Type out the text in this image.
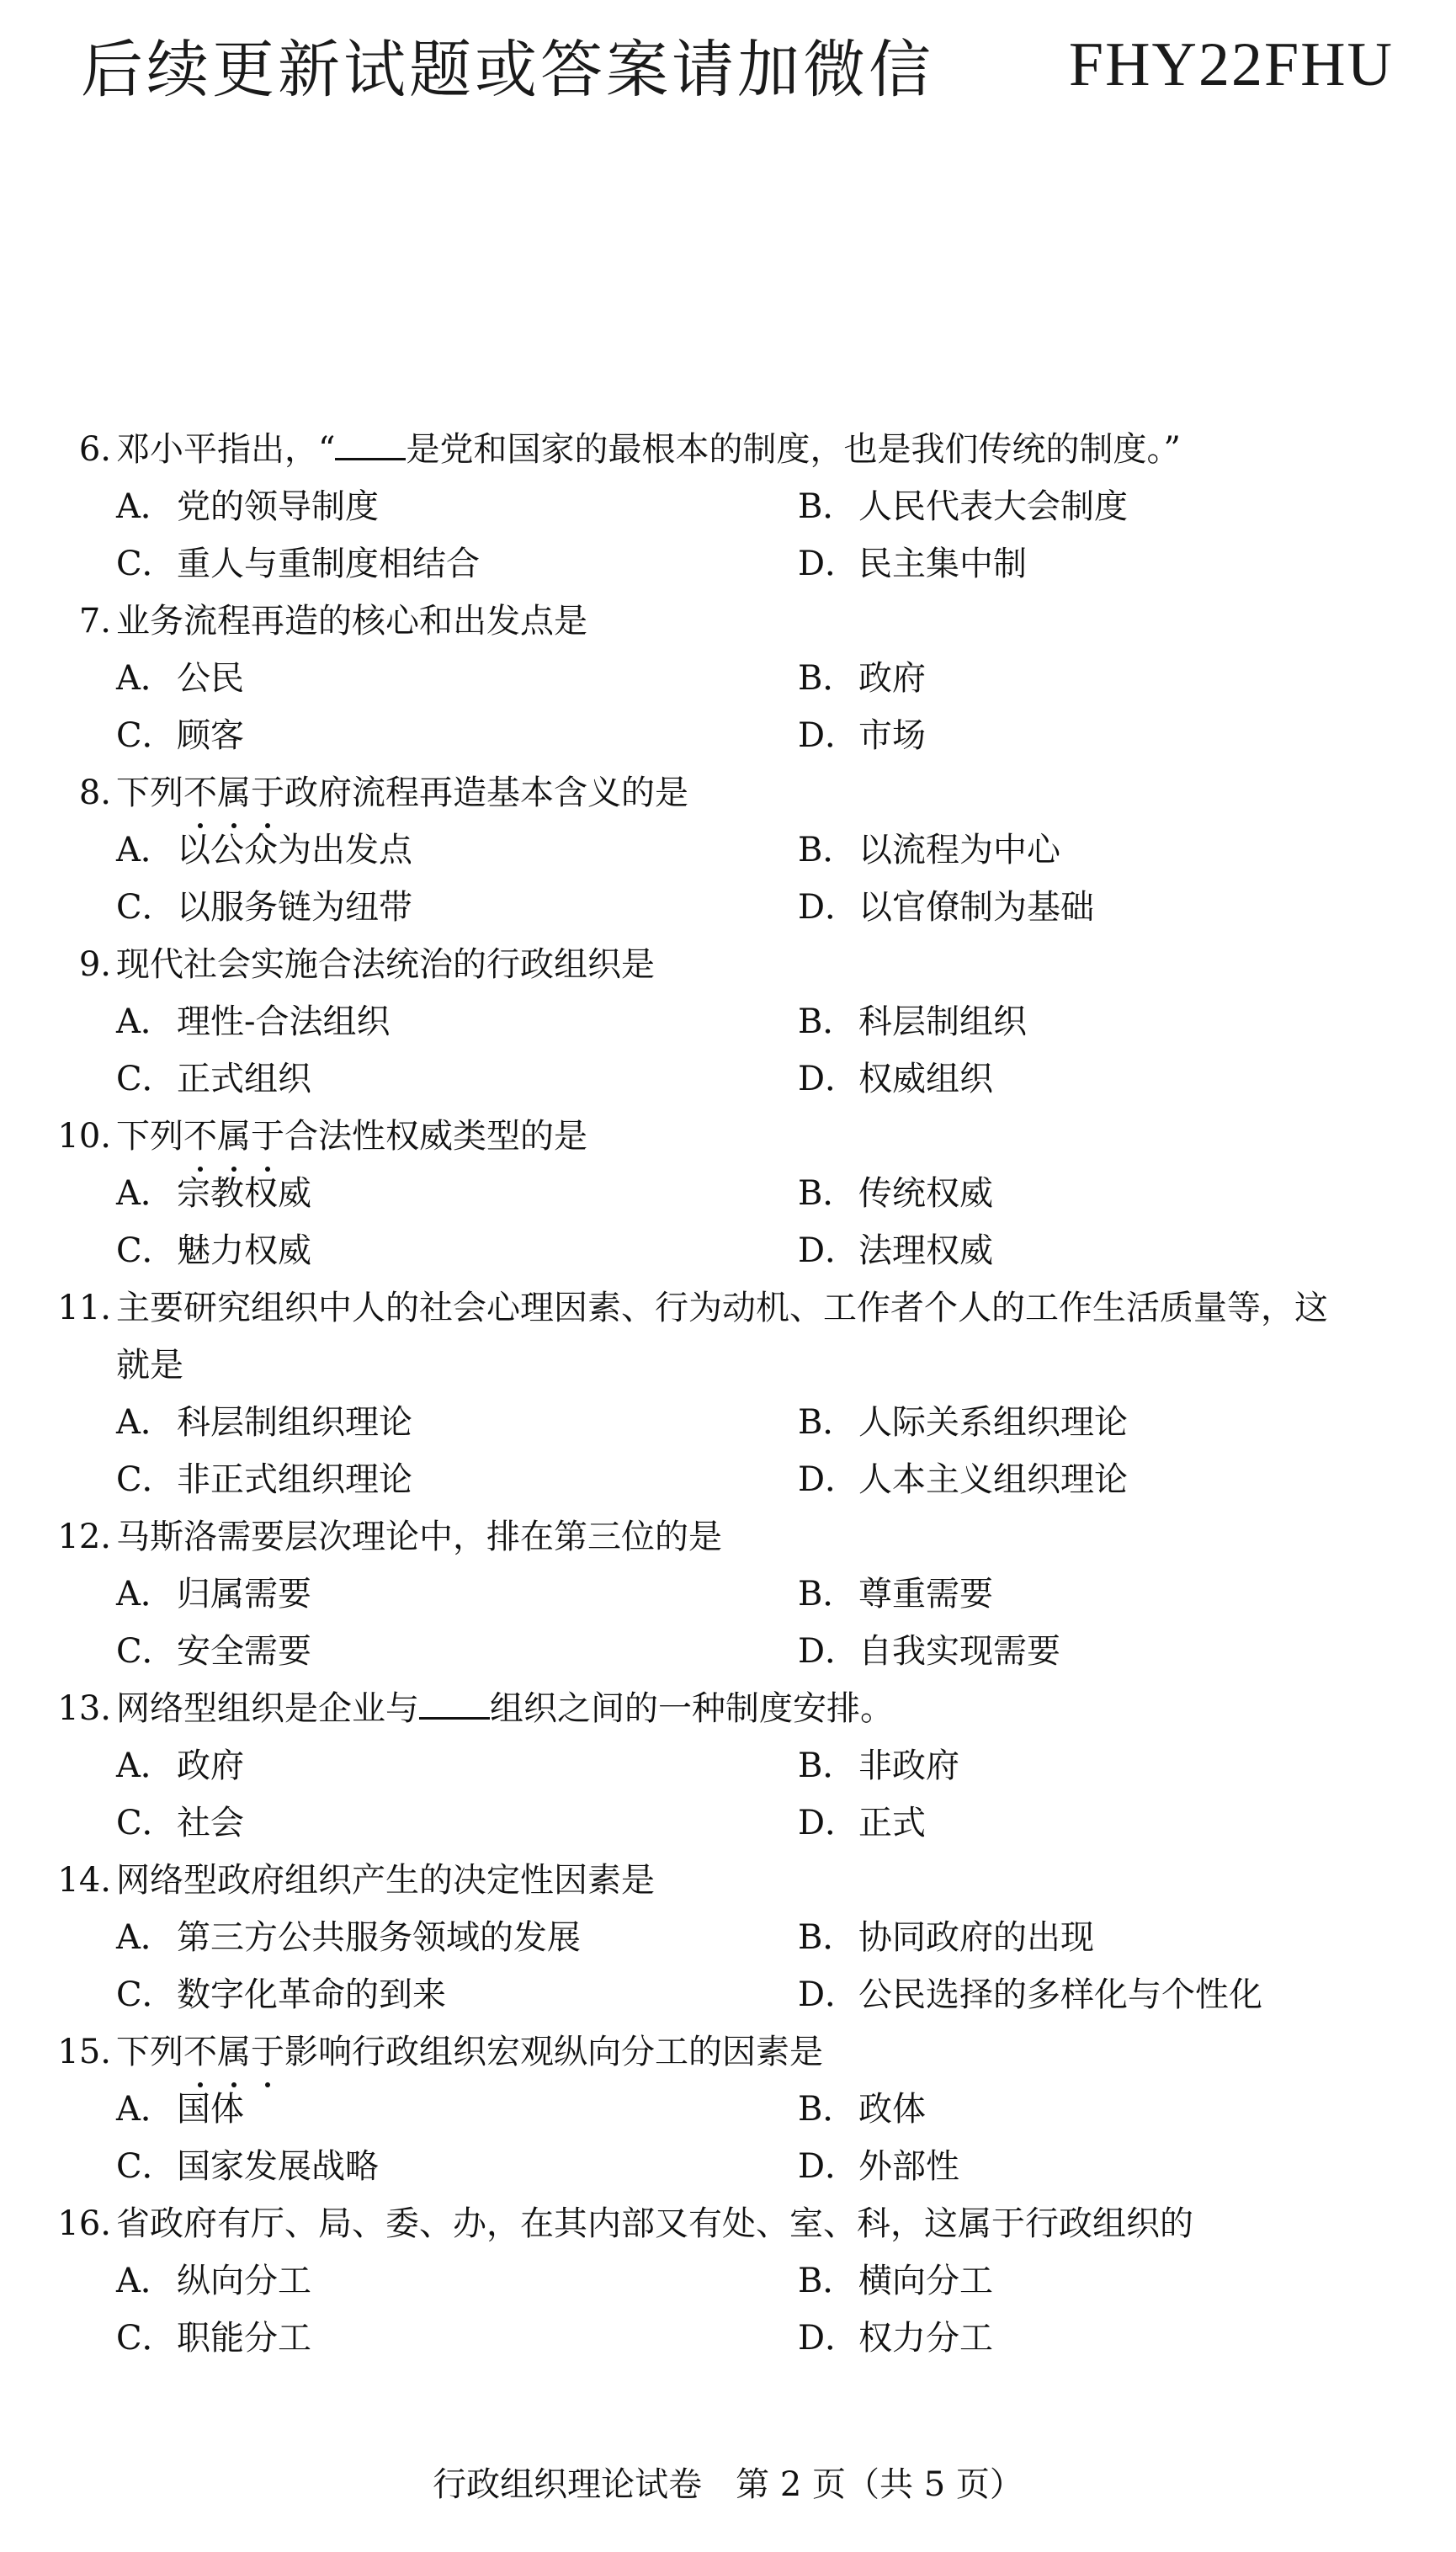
后续更新试题或答案请加微信 FHY22FHU
6. 邓小平指出，“ 是党和国家的最根本的制度，也是我们传统的制度。”
A． 党的领导制度	B． 人民代表大会制度
C． 重人与重制度相结合	D． 民主集中制
7. 业务流程再造的核心和出发点是
A． 公民	B． 政府
C． 顾客	D． 市场
8. 下列不属于政府流程再造基本含义的是
A． 以公众为出发点	B． 以流程为中心
C． 以服务链为纽带	D． 以官僚制为基础
9. 现代社会实施合法统治的行政组织是
A． 理性-合法组织	B． 科层制组织
C． 正式组织	D． 权威组织
10. 下列不属于合法性权威类型的是
A． 宗教权威	B． 传统权威
C． 魅力权威	D． 法理权威
11. 主要研究组织中人的社会心理因素、行为动机、工作者个人的工作生活质量等，这
就是
A． 科层制组织理论	B． 人际关系组织理论
C． 非正式组织理论	D． 人本主义组织理论
12. 马斯洛需要层次理论中，排在第三位的是
A． 归属需要	B． 尊重需要
C． 安全需要	D． 自我实现需要
13. 网络型组织是企业与 组织之间的一种制度安排。
A． 政府	B． 非政府
C． 社会	D． 正式
14. 网络型政府组织产生的决定性因素是
A． 第三方公共服务领域的发展	B． 协同政府的出现
C． 数字化革命的到来	D． 公民选择的多样化与个性化
15. 下列不属于影响行政组织宏观纵向分工的因素是
A． 国体	B． 政体
C． 国家发展战略	D． 外部性
16. 省政府有厅、局、委、办，在其内部又有处、室、科，这属于行政组织的
A． 纵向分工	B． 横向分工
C． 职能分工	D． 权力分工
行政组织理论试卷　第 2 页（共 5 页）
